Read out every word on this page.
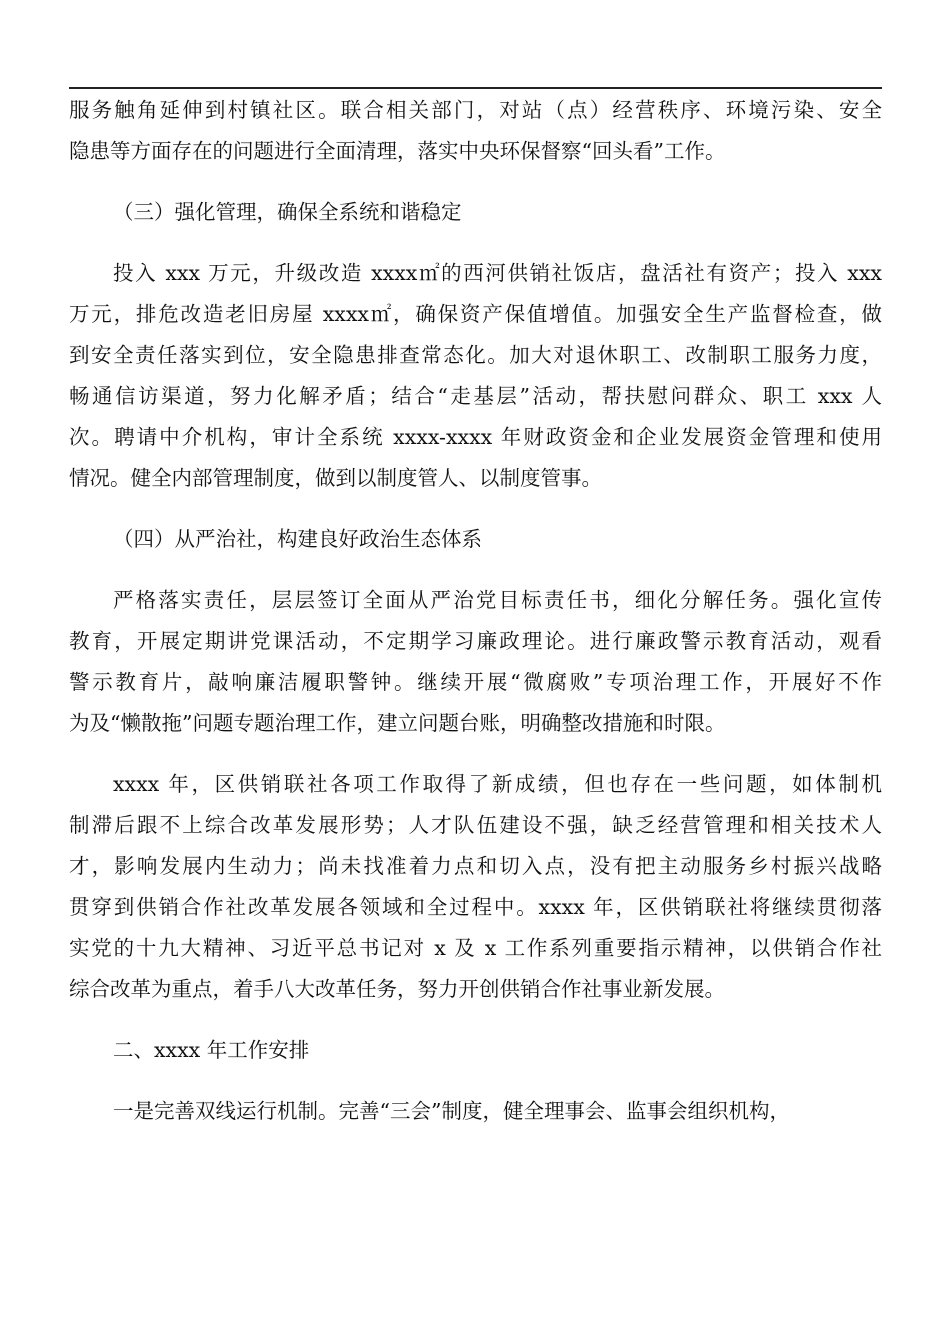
服务触角延伸到村镇社区。联合相关部门，对站（点）经营秩序、环境污染、安全
隐患等方面存在的问题进行全面清理，落实中央环保督察“回头看”工作。
（三）强化管理，确保全系统和谐稳定
投入 xxx 万元，升级改造 xxxx㎡的西河供销社饭店，盘活社有资产；投入 xxx
万元，排危改造老旧房屋 xxxx㎡，确保资产保值增值。加强安全生产监督检查，做
到安全责任落实到位，安全隐患排查常态化。加大对退休职工、改制职工服务力度，
畅通信访渠道，努力化解矛盾；结合“走基层”活动，帮扶慰问群众、职工 xxx 人
次。聘请中介机构，审计全系统 xxxx-xxxx 年财政资金和企业发展资金管理和使用
情况。健全内部管理制度，做到以制度管人、以制度管事。
（四）从严治社，构建良好政治生态体系
严格落实责任，层层签订全面从严治党目标责任书，细化分解任务。强化宣传
教育，开展定期讲党课活动，不定期学习廉政理论。进行廉政警示教育活动，观看
警示教育片，敲响廉洁履职警钟。继续开展“微腐败”专项治理工作，开展好不作
为及“懒散拖”问题专题治理工作，建立问题台账，明确整改措施和时限。
xxxx 年，区供销联社各项工作取得了新成绩，但也存在一些问题，如体制机
制滞后跟不上综合改革发展形势；人才队伍建设不强，缺乏经营管理和相关技术人
才，影响发展内生动力；尚未找准着力点和切入点，没有把主动服务乡村振兴战略
贯穿到供销合作社改革发展各领域和全过程中。xxxx 年，区供销联社将继续贯彻落
实党的十九大精神、习近平总书记对 x 及 x 工作系列重要指示精神，以供销合作社
综合改革为重点，着手八大改革任务，努力开创供销合作社事业新发展。
二、xxxx 年工作安排
一是完善双线运行机制。完善“三会”制度，健全理事会、监事会组织机构，
